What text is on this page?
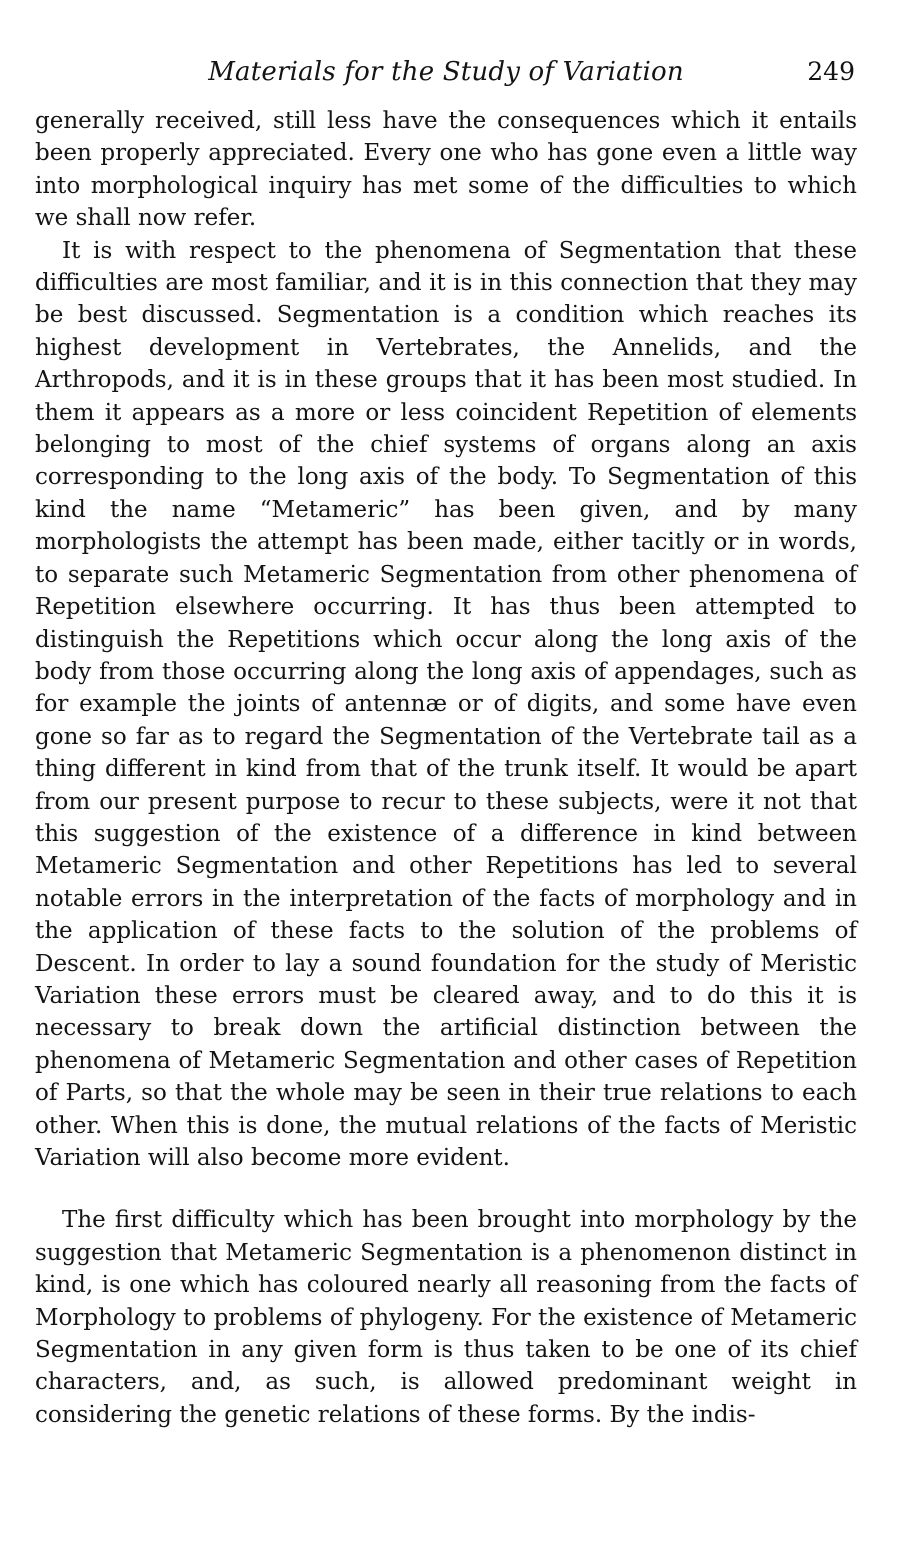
Materials for the Study of Variation	249

generally received, still less have the consequences which it entails been properly appreciated. Every one who has gone even a little way into morphological inquiry has met some of the difficulties to which we shall now refer.

It is with respect to the phenomena of Segmentation that these difficulties are most familiar, and it is in this connection that they may be best discussed. Segmentation is a condition which reaches its highest development in Vertebrates, the Annelids, and the Arthropods, and it is in these groups that it has been most studied. In them it appears as a more or less coincident Repetition of elements belonging to most of the chief systems of organs along an axis corresponding to the long axis of the body. To Segmentation of this kind the name “Metameric” has been given, and by many morphologists the attempt has been made, either tacitly or in words, to separate such Metameric Segmentation from other phenomena of Repetition elsewhere occurring. It has thus been attempted to distinguish the Repetitions which occur along the long axis of the body from those occurring along the long axis of appendages, such as for example the joints of antennæ or of digits, and some have even gone so far as to regard the Segmentation of the Vertebrate tail as a thing different in kind from that of the trunk itself. It would be apart from our present purpose to recur to these subjects, were it not that this suggestion of the existence of a difference in kind between Metameric Segmentation and other Repetitions has led to several notable errors in the interpretation of the facts of morphology and in the application of these facts to the solution of the problems of Descent. In order to lay a sound foundation for the study of Meristic Variation these errors must be cleared away, and to do this it is necessary to break down the artificial distinction between the phenomena of Metameric Segmentation and other cases of Repetition of Parts, so that the whole may be seen in their true relations to each other. When this is done, the mutual relations of the facts of Meristic Variation will also become more evident.

The first difficulty which has been brought into morphology by the suggestion that Metameric Segmentation is a phenomenon distinct in kind, is one which has coloured nearly all reasoning from the facts of Morphology to problems of phylogeny. For the existence of Metameric Segmentation in any given form is thus taken to be one of its chief characters, and, as such, is allowed predominant weight in considering the genetic relations of these forms. By the indis-
